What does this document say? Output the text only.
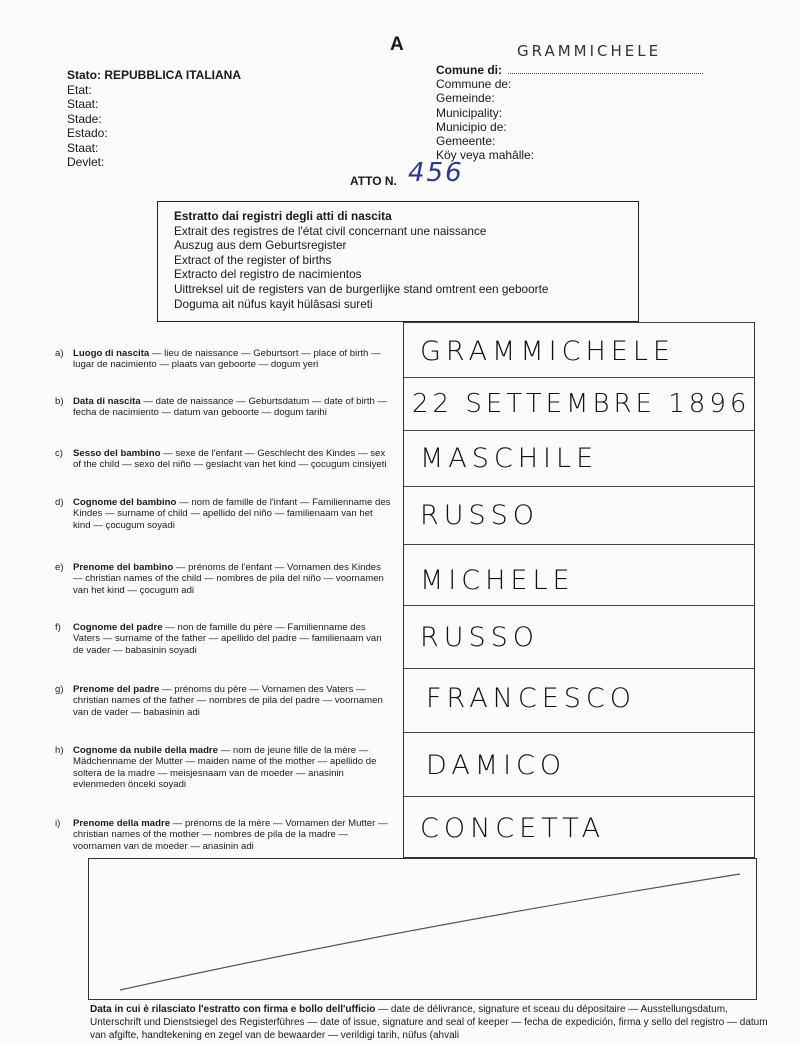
A	GRAMMICHELE
Stato: REPUBBLICA ITALIANA
Etat:
Staat:
Stade:
Estado:
Staat:
Devlet:
Comune di:
Commune de:
Gemeinde:
Municipality:
Municipio de:
Gemeente:
Köy veya mahâlle:
ATTO N. 456
Estratto dai registri degli atti di nascita
Extrait des registres de l'état civil concernant une naissance
Auszug aus dem Geburtsregister
Extract of the register of births
Extracto del registro de nacimientos
Uittreksel uit de registers van de burgerlijke stand omtrent een geboorte
Doguma ait nüfus kayit hülâsasi sureti
a) Luogo di nascita — lieu de naissance — Geburtsort — place of birth — lugar de nacimiento — plaats van geboorte — dogum yeri
b) Data di nascita — date de naissance — Geburtsdatum — date of birth — fecha de nacimiento — datum van geboorte — dogum tarihi
c) Sesso del bambino — sexe de l'enfant — Geschlecht des Kindes — sex of the child — sexo del niño — geslacht van het kind — çocugum cinsiyeti
d) Cognome del bambino — nom de famille de l'infant — Familienname des Kindes — surname of child — apellido del niño — familienaam van het kind — çocugum soyadi
e) Prenome del bambino — prénoms de l'enfant — Vornamen des Kindes — christian names of the child — nombres de pila del niño — voornamen van het kind — çocugum adi
f) Cognome del padre — non de famille du père — Familienname des Vaters — surname of the father — apellido del padre — familienaam van de vader — babasinin soyadi
g) Prenome del padre — prénoms du père — Vornamen des Vaters — christian names of the father — nombres de pila del padre — voornamen van de vader — babasinin adi
h) Cognome da nubile della madre — nom de jeune fille de la mère — Mädchenname der Mutter — maiden name of the mother — apellido de soltera de la madre — meisjesnaam van de moeder — anasinin evlenmeden önceki soyadi
i) Prenome della madre — prénoms de la mère — Vornamen der Mutter — christian names of the mother — nombres de pila de la madre — voornamen van de moeder — anasinin adi
GRAMMICHELE
22 SETTEMBRE 1896
MASCHILE
RUSSO
MICHELE
RUSSO
FRANCESCO
DAMICO
CONCETTA
Data in cui è rilasciato l'estratto con firma e bollo dell'ufficio — date de délivrance, signature et sceau du dépositaire — Ausstellungsdatum, Unterschrift und Dienstsiegel des Registerführes — date of issue, signature and seal of keeper — fecha de expedición, firma y sello del registro — datum van afgifte, handtekening en zegel van de bewaarder — verildigi tarih, nüfus (ahvali
